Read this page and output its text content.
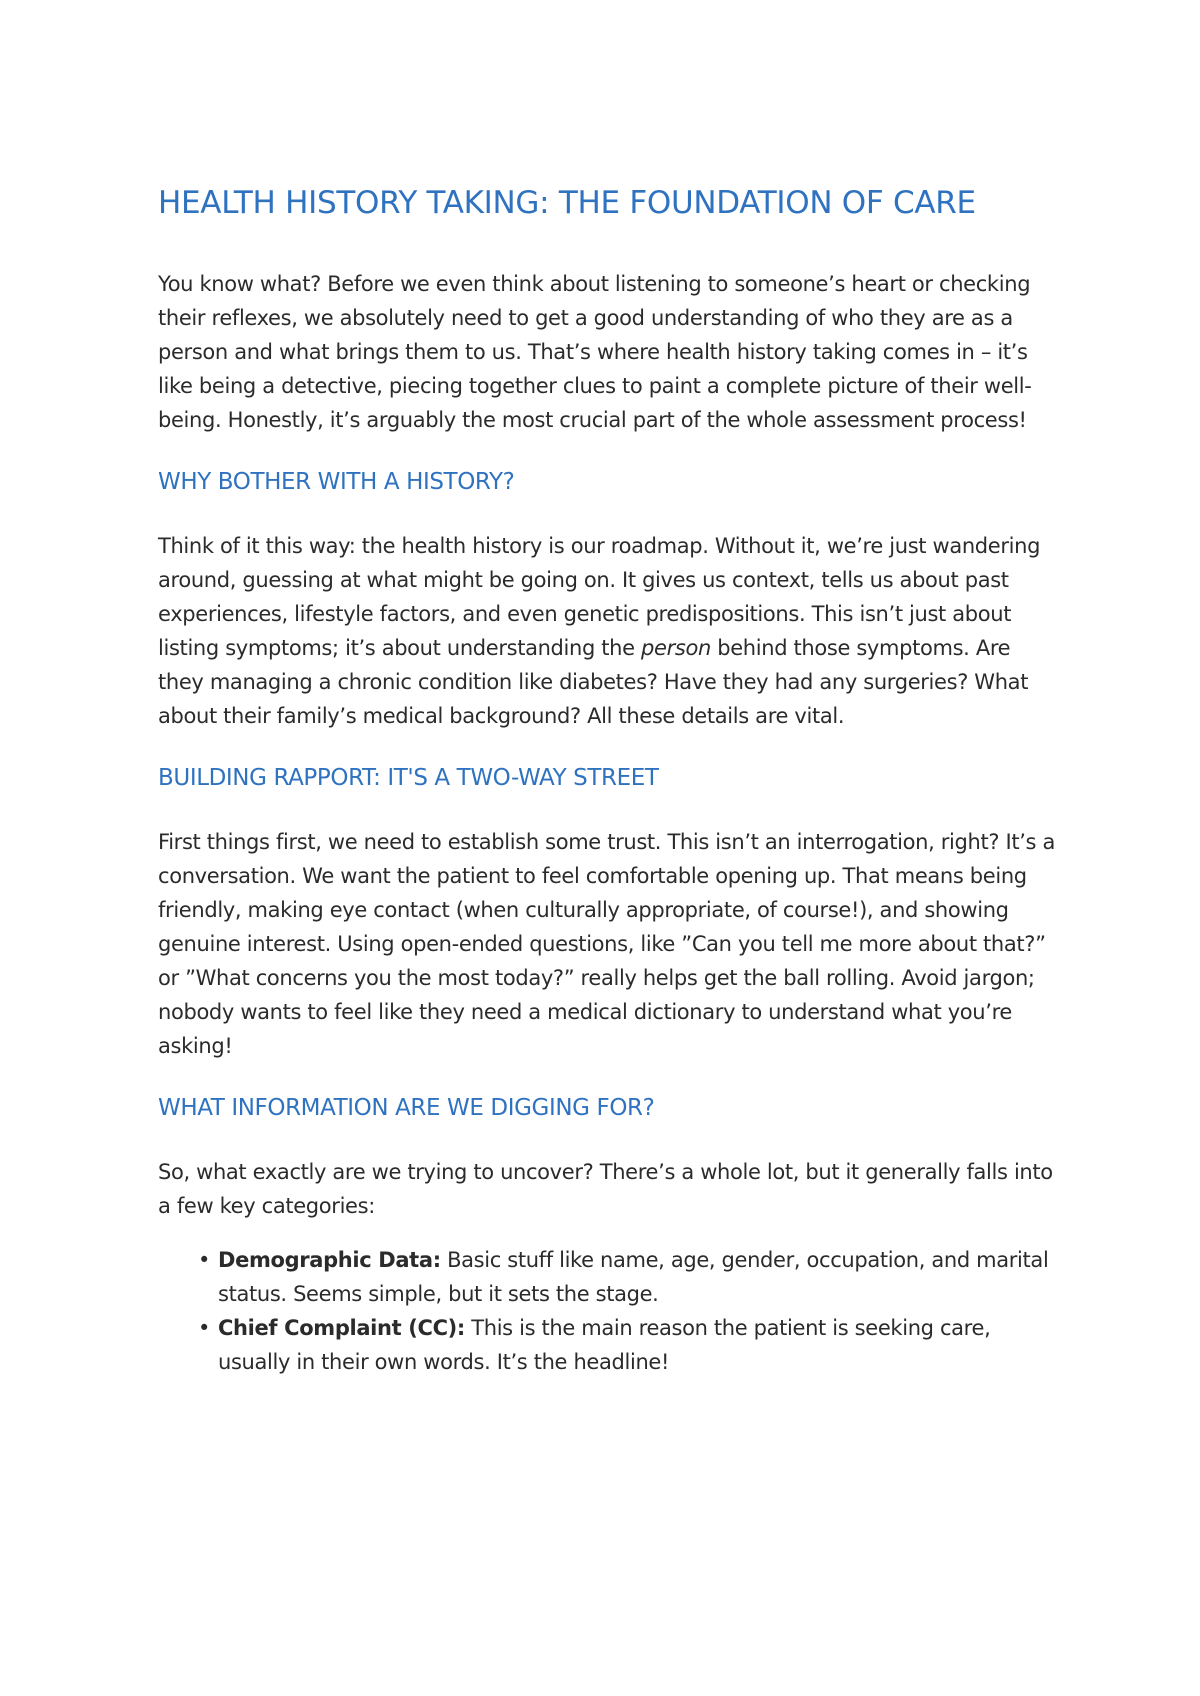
HEALTH HISTORY TAKING: THE FOUNDATION OF CARE

You know what? Before we even think about listening to someone’s heart or checking their reflexes, we absolutely need to get a good understanding of who they are as a person and what brings them to us. That’s where health history taking comes in – it’s like being a detective, piecing together clues to paint a complete picture of their well-being. Honestly, it’s arguably the most crucial part of the whole assessment process!

WHY BOTHER WITH A HISTORY?

Think of it this way: the health history is our roadmap. Without it, we’re just wandering around, guessing at what might be going on. It gives us context, tells us about past experiences, lifestyle factors, and even genetic predispositions. This isn’t just about listing symptoms; it’s about understanding the person behind those symptoms. Are they managing a chronic condition like diabetes? Have they had any surgeries? What about their family’s medical background? All these details are vital.

BUILDING RAPPORT: IT'S A TWO-WAY STREET

First things first, we need to establish some trust. This isn’t an interrogation, right? It’s a conversation. We want the patient to feel comfortable opening up. That means being friendly, making eye contact (when culturally appropriate, of course!), and showing genuine interest. Using open-ended questions, like ”Can you tell me more about that?” or ”What concerns you the most today?” really helps get the ball rolling. Avoid jargon; nobody wants to feel like they need a medical dictionary to understand what you’re asking!

WHAT INFORMATION ARE WE DIGGING FOR?

So, what exactly are we trying to uncover? There’s a whole lot, but it generally falls into a few key categories:

• Demographic Data: Basic stuff like name, age, gender, occupation, and marital status. Seems simple, but it sets the stage.
• Chief Complaint (CC): This is the main reason the patient is seeking care, usually in their own words. It’s the headline!
